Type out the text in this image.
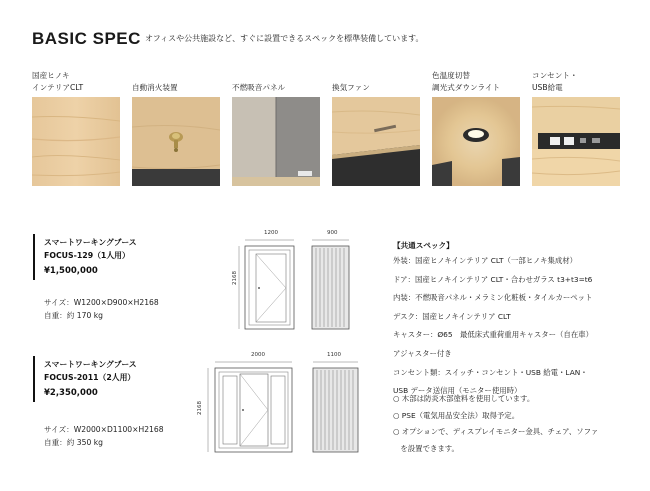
BASIC SPEC オフィスや公共施設など、すぐに設置できるスペックを標準装備しています。
国産ヒノキ
インテリアCLT	自動消火装置	不燃吸音パネル	換気ファン
色温度切替
調光式ダウンライト
コンセント・
USB給電
スマートワーキングブース
FOCUS-129（1人用）
¥1,500,000
サイズ：W1200×D900×H2168
自重：約 170 kg
1200	900
2168
スマートワーキングブース
FOCUS-2011（2人用）
¥2,350,000
サイズ：W2000×D1100×H2168
自重：約 350 kg
2000	1100
2168
【共通スペック】
外装：国産ヒノキインテリア CLT（一部ヒノキ集成材）
ドア：国産ヒノキインテリア CLT・合わせガラス t3+t3=t6
内装：不燃吸音パネル・メラミン化粧板・タイルカーペット
デスク：国産ヒノキインテリア CLT
キャスター：Ø65　最低床式重荷重用キャスター（自在車）
アジャスター付き
コンセント類：スイッチ・コンセント・USB 給電・LAN・
USB データ送信用（モニター使用時）
○ 木部は防炎木部塗料を使用しています。
○ PSE（電気用品安全法）取得予定。
○ オプションで、ディスプレイモニター金具、チェア、ソファ
　を設置できます。
